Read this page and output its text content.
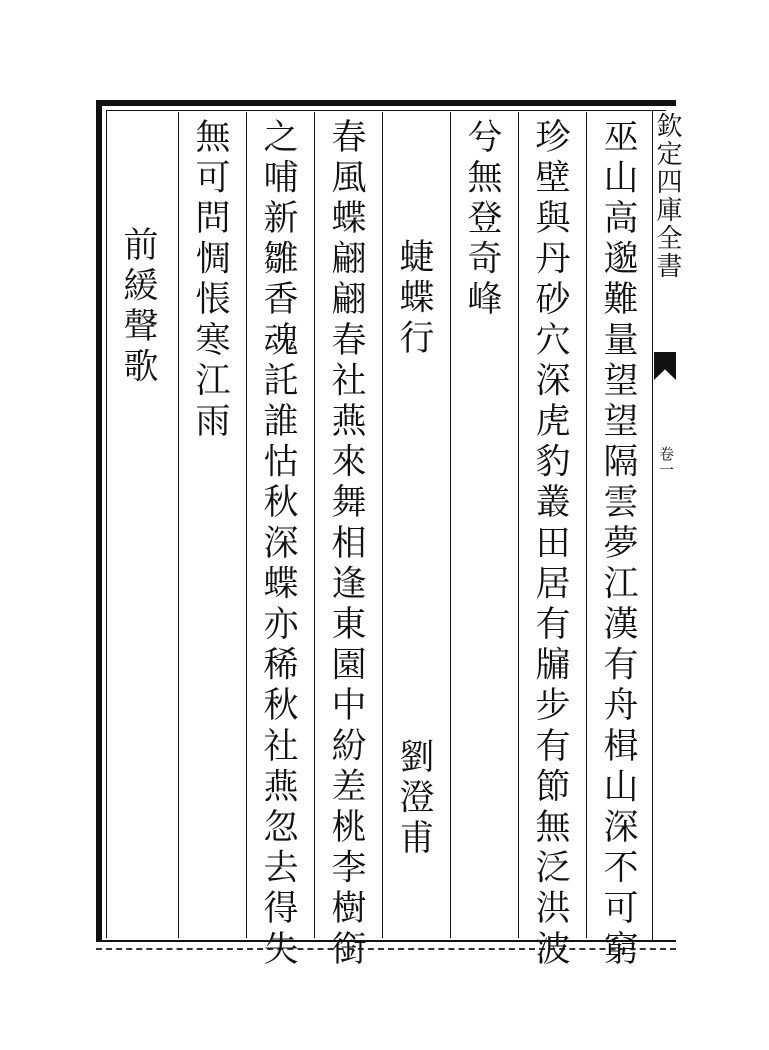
欽定四庫全書
卷一
巫山高邈難量望望隔雲夢江漢有舟楫山深不可窮
珍壁與丹砂穴深虎豹叢田居有牖步有節無泛洪波
兮無登奇峰
蜨蝶行
劉澄甫
春風蝶翩翩春社燕來舞相逢東園中紛差桃李樹銜
之哺新雛香魂託誰怙秋深蝶亦稀秋社燕忽去得失
無可問惆悵寒江雨
前緩聲歌
